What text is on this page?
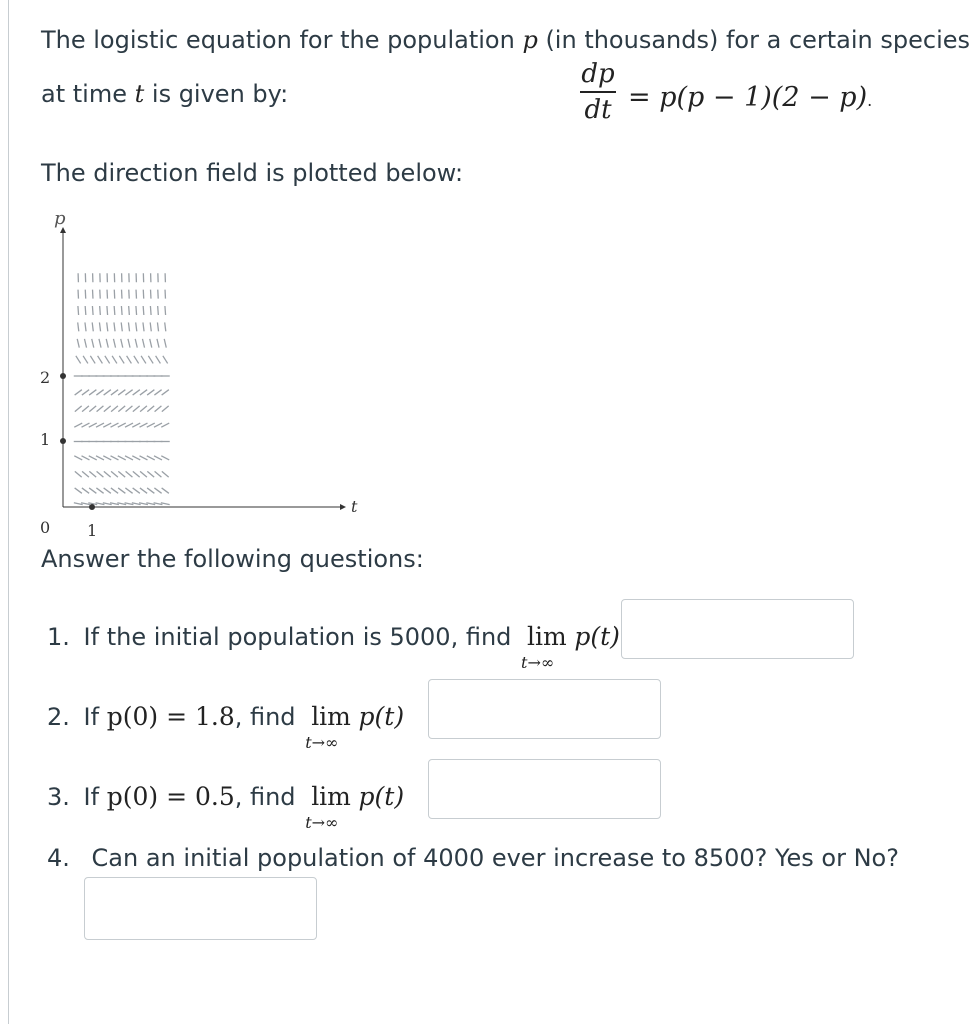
The logistic equation for the population p (in thousands) for a certain species
at time t is given by:
dp
dt = p(p − 1)(2 − p).
The direction field is plotted below:
t
p
0 1
1
2
Answer the following questions:
1. If the initial population is 5000, find lim
t→∞
p(t)
2. If p(0) = 1.8, find lim
t→∞
p(t)
3. If p(0) = 0.5, find lim
t→∞
p(t)
4. Can an initial population of 4000 ever increase to 8500? Yes or No?
